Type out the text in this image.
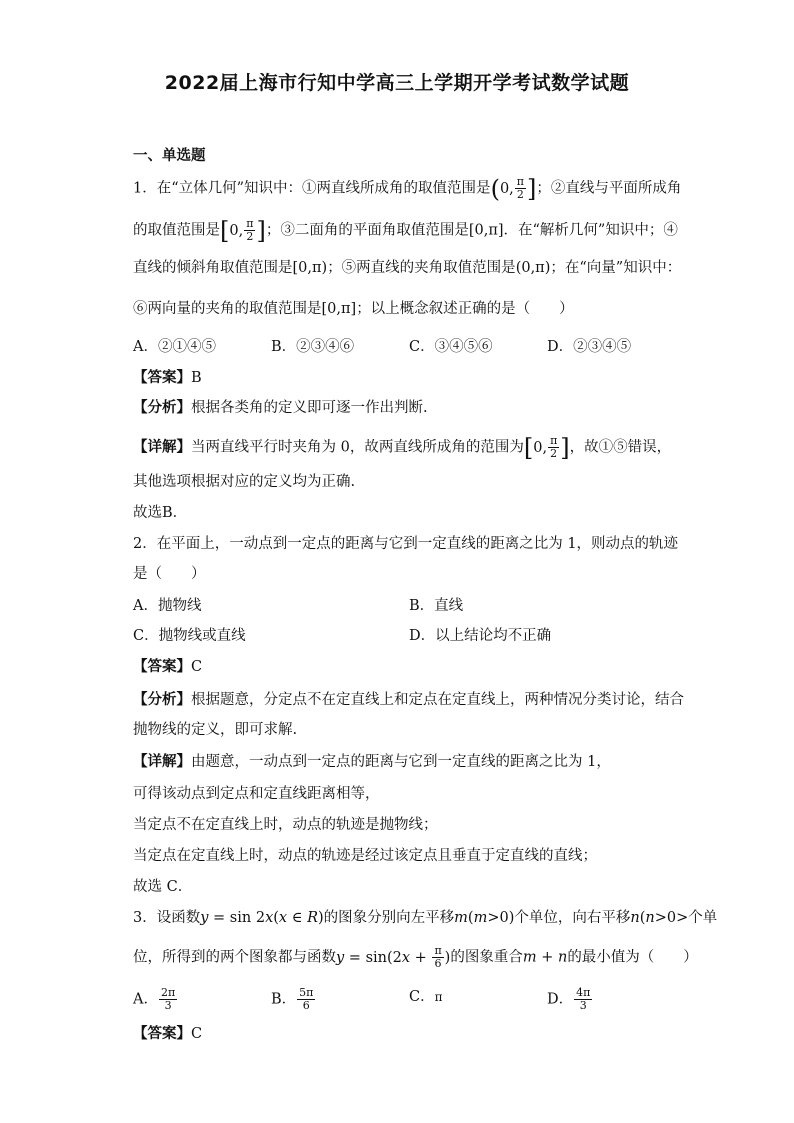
2022届上海市行知中学高三上学期开学考试数学试题
一、单选题
1．在“立体几何”知识中：①两直线所成角的取值范围是(0, $\frac{\pi}{2}$ ]；②直线与平面所成角
的取值范围是[0, $\frac{\pi}{2}$ ]；③二面角的平面角取值范围是[0,π]．在“解析几何”知识中；④
直线的倾斜角取值范围是[0,π)；⑤两直线的夹角取值范围是(0,π)；在“向量”知识中：
⑥两向量的夹角的取值范围是[0,π]；以上概念叙述正确的是（　　）
A．②①④⑤	B．②③④⑥	C．③④⑤⑥	D．②③④⑤
【答案】B
【分析】根据各类角的定义即可逐一作出判断.
【详解】当两直线平行时夹角为 0，故两直线所成角的范围为[0, $\frac{\pi}{2}$ ]，故①⑤错误，
其他选项根据对应的定义均为正确.
故选B．
2．在平面上，一动点到一定点的距离与它到一定直线的距离之比为 1，则动点的轨迹
是（　　）
A．抛物线	B．直线
C．抛物线或直线	D．以上结论均不正确
【答案】C
【分析】根据题意，分定点不在定直线上和定点在定直线上，两种情况分类讨论，结合
抛物线的定义，即可求解.
【详解】由题意，一动点到一定点的距离与它到一定直线的距离之比为 1，
可得该动点到定点和定直线距离相等，
当定点不在定直线上时，动点的轨迹是抛物线；
当定点在定直线上时，动点的轨迹是经过该定点且垂直于定直线的直线；
故选 C．
3．设函数y = sin 2x(x ∈ R)的图象分别向左平移m(m>0)个单位，向右平移n(n>0>个单
位，所得到的两个图象都与函数$y = \sin(2x + \frac{\pi}{6}$ )的图象重合m + n的最小值为（　　）
A． $\frac{2\pi}{3}$	B． $\frac{5\pi}{6}$	C．π	D． $\frac{4\pi}{3}$
【答案】C
